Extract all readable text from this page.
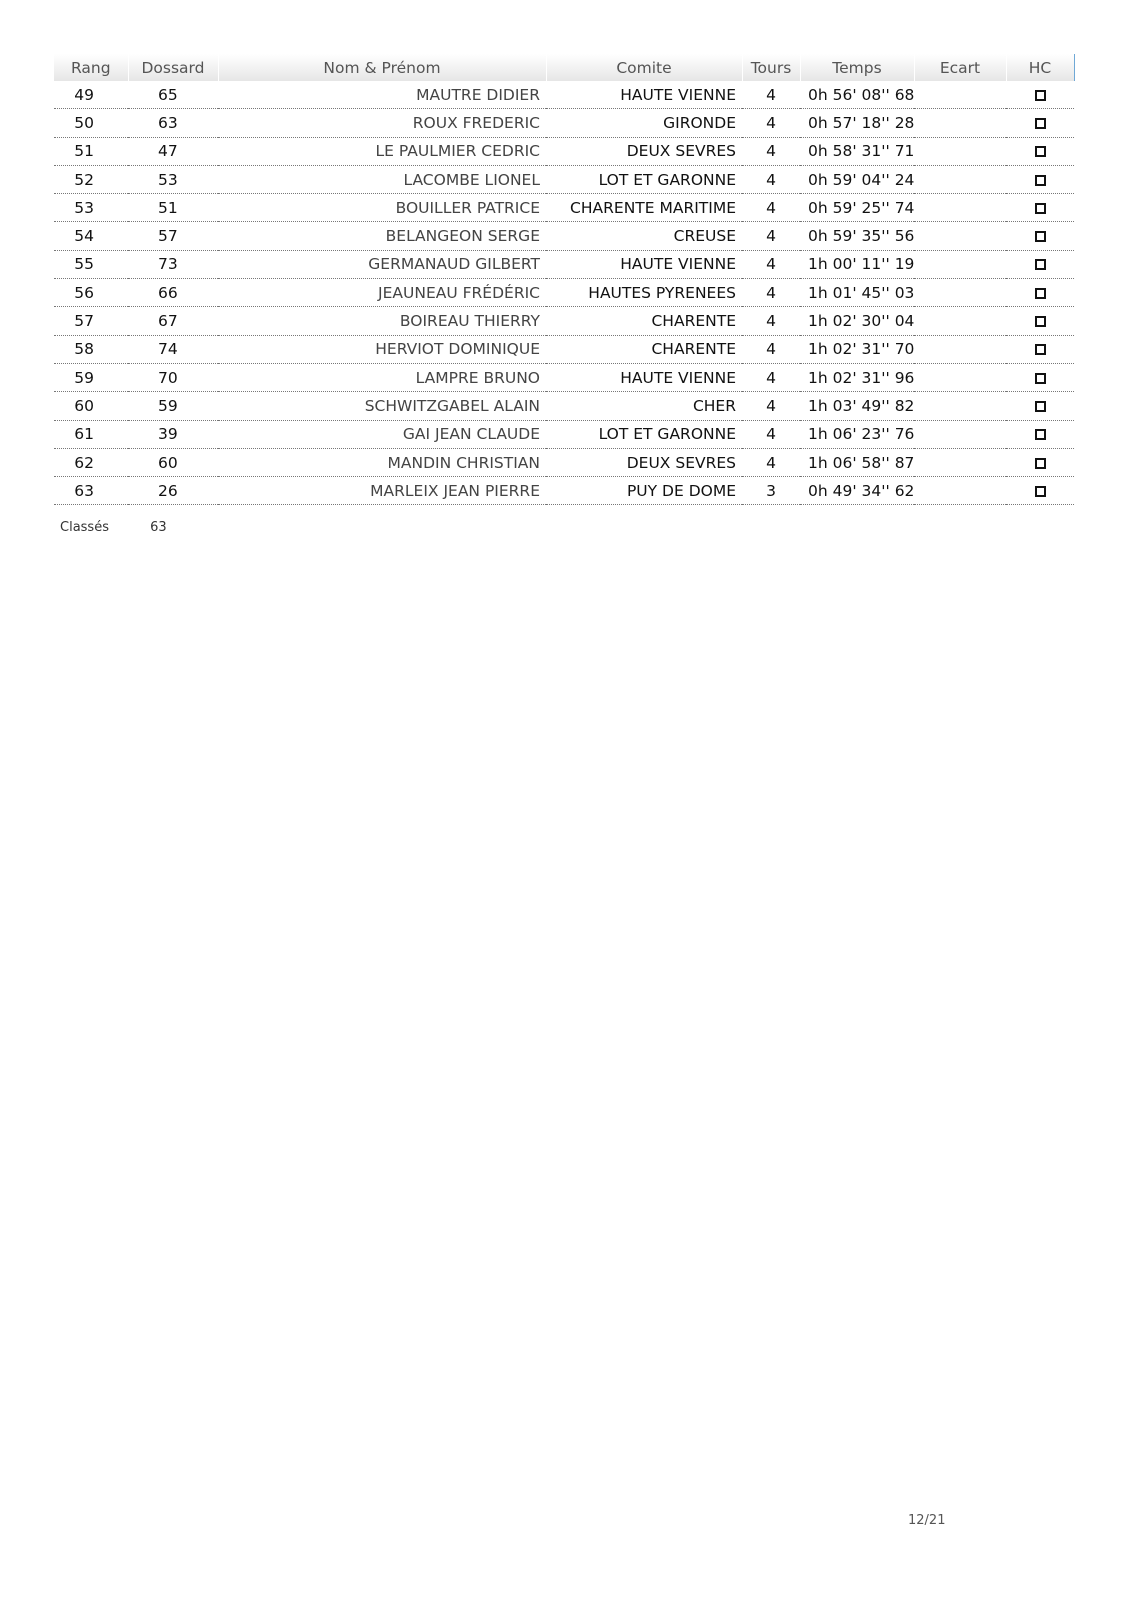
Rang	Dossard	Nom & Prénom	Comite	Tours	Temps	Ecart	HC
49	65	MAUTRE DIDIER	HAUTE VIENNE	4	0h 56' 08'' 68		
50	63	ROUX FREDERIC	GIRONDE	4	0h 57' 18'' 28		
51	47	LE PAULMIER CEDRIC	DEUX SEVRES	4	0h 58' 31'' 71		
52	53	LACOMBE LIONEL	LOT ET GARONNE	4	0h 59' 04'' 24		
53	51	BOUILLER PATRICE	CHARENTE MARITIME	4	0h 59' 25'' 74		
54	57	BELANGEON SERGE	CREUSE	4	0h 59' 35'' 56		
55	73	GERMANAUD GILBERT	HAUTE VIENNE	4	1h 00' 11'' 19		
56	66	JEAUNEAU FRÉDÉRIC	HAUTES PYRENEES	4	1h 01' 45'' 03		
57	67	BOIREAU THIERRY	CHARENTE	4	1h 02' 30'' 04		
58	74	HERVIOT DOMINIQUE	CHARENTE	4	1h 02' 31'' 70		
59	70	LAMPRE BRUNO	HAUTE VIENNE	4	1h 02' 31'' 96		
60	59	SCHWITZGABEL ALAIN	CHER	4	1h 03' 49'' 82		
61	39	GAI JEAN CLAUDE	LOT ET GARONNE	4	1h 06' 23'' 76		
62	60	MANDIN CHRISTIAN	DEUX SEVRES	4	1h 06' 58'' 87		
63	26	MARLEIX JEAN PIERRE	PUY DE DOME	3	0h 49' 34'' 62		
Classés	63
12/21
